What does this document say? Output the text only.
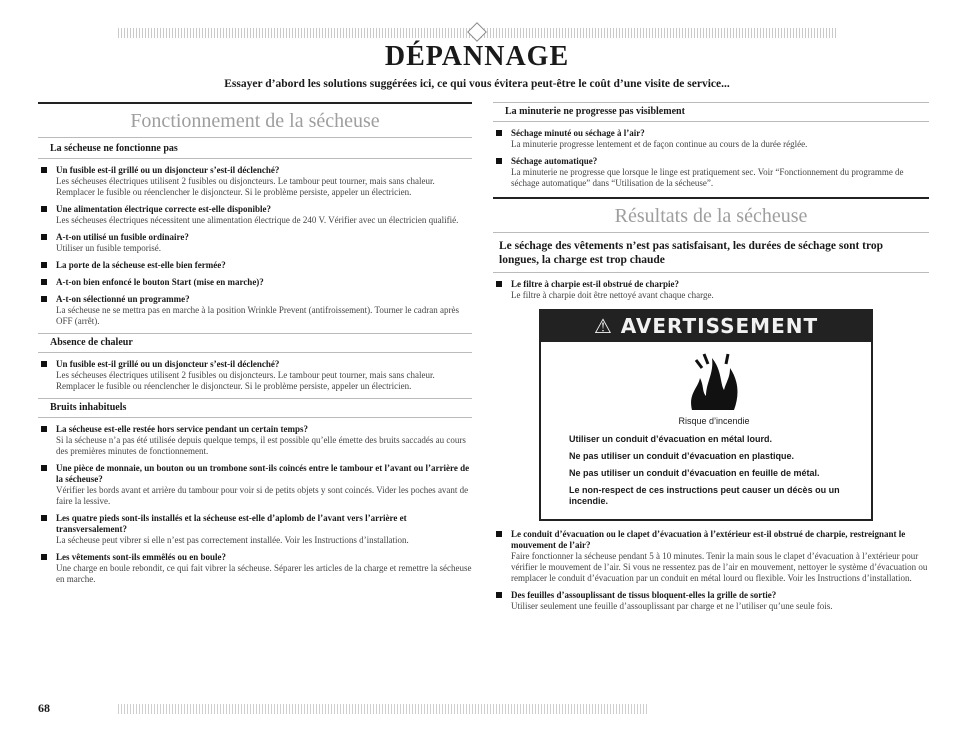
DÉPANNAGE
Essayer d’abord les solutions suggérées ici, ce qui vous évitera peut-être le coût d’une visite de service...
Fonctionnement de la sécheuse
La sécheuse ne fonctionne pas
Un fusible est-il grillé ou un disjoncteur s’est-il déclenché?
Les sécheuses électriques utilisent 2 fusibles ou disjoncteurs. Le tambour peut tourner, mais sans chaleur. Remplacer le fusible ou réenclencher le disjoncteur. Si le problème persiste, appeler un électricien.
Une alimentation électrique correcte est-elle disponible?
Les sécheuses électriques nécessitent une alimentation électrique de 240 V. Vérifier avec un électricien qualifié.
A-t-on utilisé un fusible ordinaire?
Utiliser un fusible temporisé.
La porte de la sécheuse est-elle bien fermée?
A-t-on bien enfoncé le bouton Start (mise en marche)?
A-t-on sélectionné un programme?
La sécheuse ne se mettra pas en marche à la position Wrinkle Prevent (antifroissement). Tourner le cadran après OFF (arrêt).
Absence de chaleur
Un fusible est-il grillé ou un disjoncteur s’est-il déclenché?
Les sécheuses électriques utilisent 2 fusibles ou disjoncteurs. Le tambour peut tourner, mais sans chaleur. Remplacer le fusible ou réenclencher le disjoncteur. Si le problème persiste, appeler un électricien.
Bruits inhabituels
La sécheuse est-elle restée hors service pendant un certain temps?
Si la sécheuse n’a pas été utilisée depuis quelque temps, il est possible qu’elle émette des bruits saccadés au cours des premières minutes de fonctionnement.
Une pièce de monnaie, un bouton ou un trombone sont-ils coincés entre le tambour et l’avant ou l’arrière de la sécheuse?
Vérifier les bords avant et arrière du tambour pour voir si de petits objets y sont coincés. Vider les poches avant de faire la lessive.
Les quatre pieds sont-ils installés et la sécheuse est-elle d’aplomb de l’avant vers l’arrière et transversalement?
La sécheuse peut vibrer si elle n’est pas correctement installée. Voir les Instructions d’installation.
Les vêtements sont-ils emmêlés ou en boule?
Une charge en boule rebondit, ce qui fait vibrer la sécheuse. Séparer les articles de la charge et remettre la sécheuse en marche.
La minuterie ne progresse pas visiblement
Séchage minuté ou séchage à l’air?
La minuterie progresse lentement et de façon continue au cours de la durée réglée.
Séchage automatique?
La minuterie ne progresse que lorsque le linge est pratiquement sec. Voir “Fonctionnement du programme de séchage automatique” dans “Utilisation de la sécheuse”.
Résultats de la sécheuse
Le séchage des vêtements n’est pas satisfaisant, les durées de séchage sont trop longues, la charge est trop chaude
Le filtre à charpie est-il obstrué de charpie?
Le filtre à charpie doit être nettoyé avant chaque charge.
⚠ AVERTISSEMENT
Risque d’incendie
Utiliser un conduit d’évacuation en métal lourd.
Ne pas utiliser un conduit d’évacuation en plastique.
Ne pas utiliser un conduit d’évacuation en feuille de métal.
Le non-respect de ces instructions peut causer un décès ou un incendie.
Le conduit d’évacuation ou le clapet d’évacuation à l’extérieur est-il obstrué de charpie, restreignant le mouvement de l’air?
Faire fonctionner la sécheuse pendant 5 à 10 minutes. Tenir la main sous le clapet d’évacuation à l’extérieur pour vérifier le mouvement de l’air. Si vous ne ressentez pas de l’air en mouvement, nettoyer le système d’évacuation ou remplacer le conduit d’évacuation par un conduit en métal lourd ou flexible. Voir les Instructions d’installation.
Des feuilles d’assouplissant de tissus bloquent-elles la grille de sortie?
Utiliser seulement une feuille d’assouplissant par charge et ne l’utiliser qu’une seule fois.
68
